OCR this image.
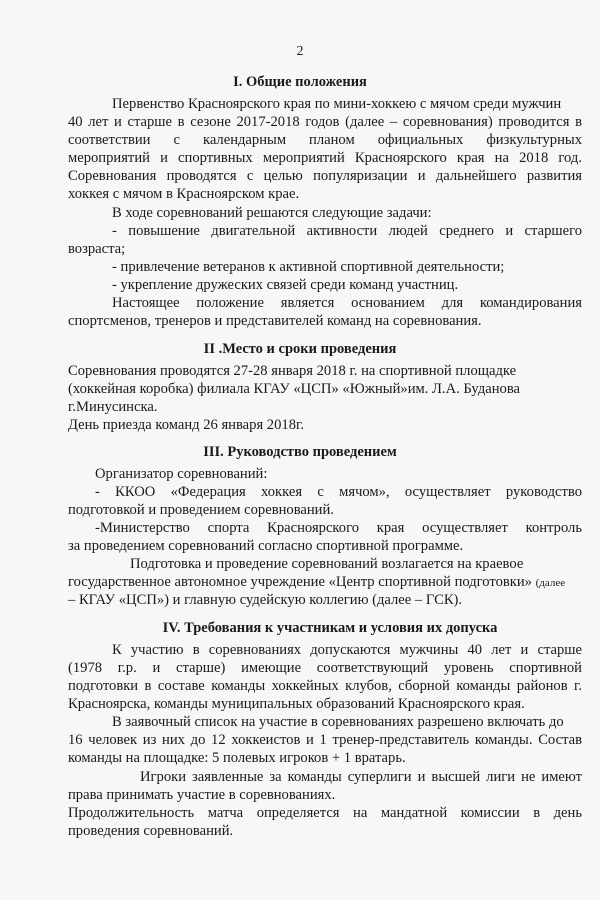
2
I. Общие положения
Первенство Красноярского края по мини-хоккею с мячом среди мужчин
40 лет и старше в сезоне 2017-2018 годов (далее – соревнования) проводится в
соответствии с календарным планом официальных физкультурных
мероприятий и спортивных мероприятий Красноярского края на 2018 год.
Соревнования проводятся с целью популяризации и дальнейшего развития
хоккея с мячом в Красноярском крае.
В ходе соревнований решаются следующие задачи:
- повышение двигательной активности людей среднего и старшего
возраста;
- привлечение ветеранов к активной спортивной деятельности;
- укрепление дружеских связей среди команд участниц.
Настоящее положение является основанием для командирования
спортсменов, тренеров и представителей команд на соревнования.
II .Место и сроки проведения
Соревнования проводятся 27-28 января 2018 г. на спортивной площадке
(хоккейная коробка) филиала КГАУ «ЦСП» «Южный»им. Л.А. Буданова
г.Минусинска.
День приезда команд 26 января 2018г.
III. Руководство проведением
Организатор соревнований:
- ККОО «Федерация хоккея с мячом», осуществляет руководство
подготовкой и проведением соревнований.
-Министерство спорта Красноярского края осуществляет контроль
за проведением соревнований согласно спортивной программе.
Подготовка и проведение соревнований возлагается на краевое
государственное автономное учреждение «Центр спортивной подготовки» (далее
– КГАУ «ЦСП») и главную судейскую коллегию (далее – ГСК).
IV. Требования к участникам и условия их допуска
К участию в соревнованиях допускаются мужчины 40 лет и старше
(1978 г.р. и старше) имеющие соответствующий уровень спортивной
подготовки в составе команды хоккейных клубов, сборной команды районов г.
Красноярска, команды муниципальных образований Красноярского края.
В заявочный список на участие в соревнованиях разрешено включать до
16 человек из них до 12 хоккеистов и 1 тренер-представитель команды. Состав
команды на площадке: 5 полевых игроков + 1 вратарь.
Игроки заявленные за команды суперлиги и высшей лиги не имеют
права принимать участие в соревнованиях.
Продолжительность матча определяется на мандатной комиссии в день
проведения соревнований.
